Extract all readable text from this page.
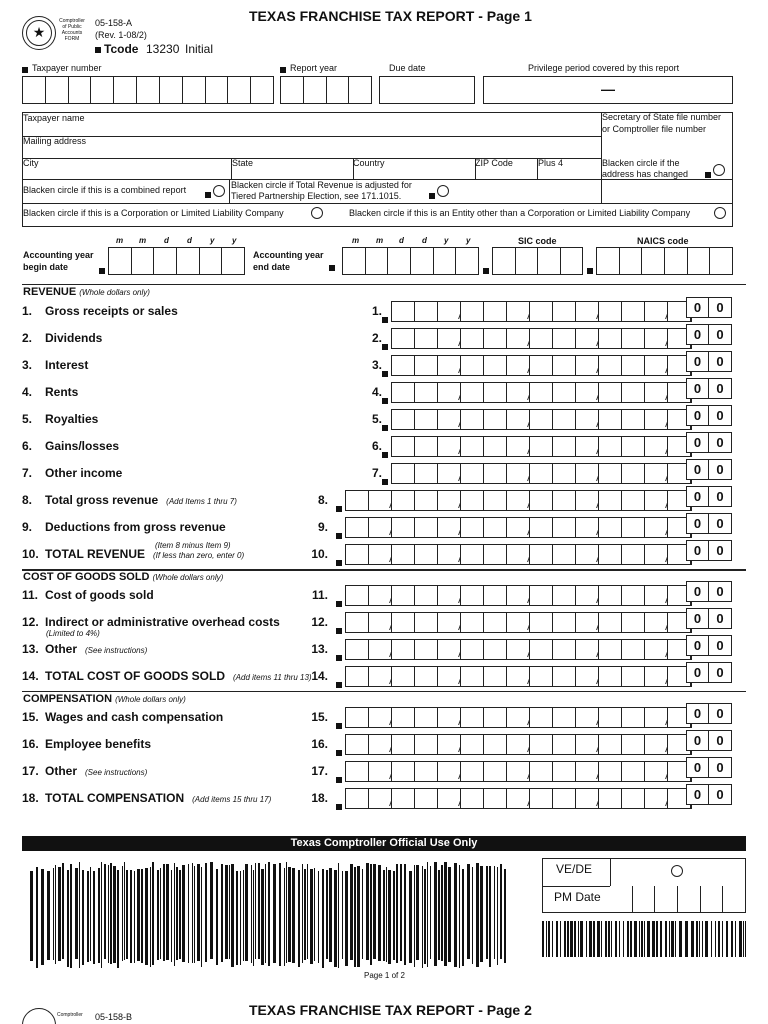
★
Comptroller
of Public
Accounts
FORM
05-158-A
(Rev. 1-08/2)
Tcode 13230 Initial
TEXAS FRANCHISE TAX REPORT - Page 1
Taxpayer number	Report year	Due date	Privilege period covered by this report
—
Taxpayer name	Secretary of State file number
or Comptroller file number
Mailing address
City	State	Country	ZIP Code	Plus 4	Blacken circle if the
address has changed
Blacken circle if this is a combined report	Blacken circle if Total Revenue is adjusted for
Tiered Partnership Election, see 171.1015.
Blacken circle if this is a Corporation or Limited Liability Company	Blacken circle if this is an Entity other than a Corporation or Limited Liability Company
m m d d y y
Accounting year
begin date
Accounting year
end date
m m d d y y	SIC code	NAICS code
REVENUE (Whole dollars only)
COST OF GOODS SOLD (Whole dollars only)
COMPENSATION (Whole dollars only)
1. Gross receipts or sales	1.	0	0
2. Dividends	2.	0	0
3. Interest	3.	0	0
4. Rents	4.	0	0
5. Royalties	5.	0	0
6. Gains/losses	6.	0	0
7. Other income	7.	0	0
8. Total gross revenue (Add Items 1 thru 7)	8.	0	0
9. Deductions from gross revenue	9.	0	0
10. TOTAL REVENUE (If less than zero, enter 0)	10.	0	0
11. Cost of goods sold	11.	0	0
12. Indirect or administrative overhead costs	12.	0	0
13. Other (See instructions)	13.	0	0
14. TOTAL COST OF GOODS SOLD (Add items 11 thru 13) 14.	0	0
15. Wages and cash compensation	15.	0	0
16. Employee benefits	16.	0	0
17. Other (See instructions)	17.	0	0
18. TOTAL COMPENSATION (Add items 15 thru 17)	18.	0	0
(Item 8 minus Item 9)
(Limited to 4%)
Texas Comptroller Official Use Only
VE/DE
PM Date
Page 1 of 2
Comptroller 05-158-B	TEXAS FRANCHISE TAX REPORT - Page 2
